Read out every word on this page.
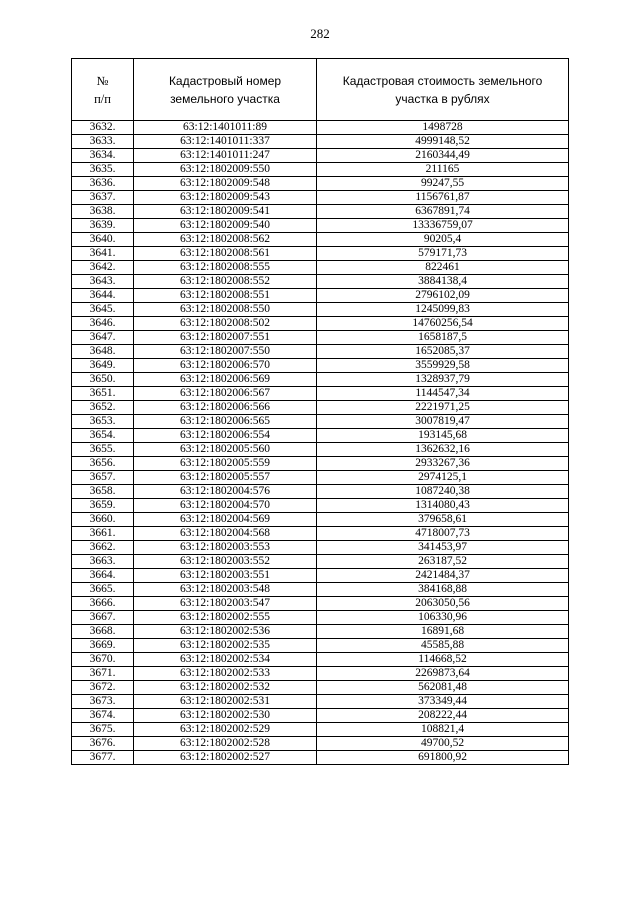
282
№
п/п	Кадастровый номер земельного участка	Кадастровая стоимость земельного участка в рублях

3632.	63:12:1401011:89	1498728
3633.	63:12:1401011:337	4999148,52
3634.	63:12:1401011:247	2160344,49
3635.	63:12:1802009:550	211165
3636.	63:12:1802009:548	99247,55
3637.	63:12:1802009:543	1156761,87
3638.	63:12:1802009:541	6367891,74
3639.	63:12:1802009:540	13336759,07
3640.	63:12:1802008:562	90205,4
3641.	63:12:1802008:561	579171,73
3642.	63:12:1802008:555	822461
3643.	63:12:1802008:552	3884138,4
3644.	63:12:1802008:551	2796102,09
3645.	63:12:1802008:550	1245099,83
3646.	63:12:1802008:502	14760256,54
3647.	63:12:1802007:551	1658187,5
3648.	63:12:1802007:550	1652085,37
3649.	63:12:1802006:570	3559929,58
3650.	63:12:1802006:569	1328937,79
3651.	63:12:1802006:567	1144547,34
3652.	63:12:1802006:566	2221971,25
3653.	63:12:1802006:565	3007819,47
3654.	63:12:1802006:554	193145,68
3655.	63:12:1802005:560	1362632,16
3656.	63:12:1802005:559	2933267,36
3657.	63:12:1802005:557	2974125,1
3658.	63:12:1802004:576	1087240,38
3659.	63:12:1802004:570	1314080,43
3660.	63:12:1802004:569	379658,61
3661.	63:12:1802004:568	4718007,73
3662.	63:12:1802003:553	341453,97
3663.	63:12:1802003:552	263187,52
3664.	63:12:1802003:551	2421484,37
3665.	63:12:1802003:548	384168,88
3666.	63:12:1802003:547	2063050,56
3667.	63:12:1802002:555	106330,96
3668.	63:12:1802002:536	16891,68
3669.	63:12:1802002:535	45585,88
3670.	63:12:1802002:534	114668,52
3671.	63:12:1802002:533	2269873,64
3672.	63:12:1802002:532	562081,48
3673.	63:12:1802002:531	373349,44
3674.	63:12:1802002:530	208222,44
3675.	63:12:1802002:529	108821,4
3676.	63:12:1802002:528	49700,52
3677.	63:12:1802002:527	691800,92
